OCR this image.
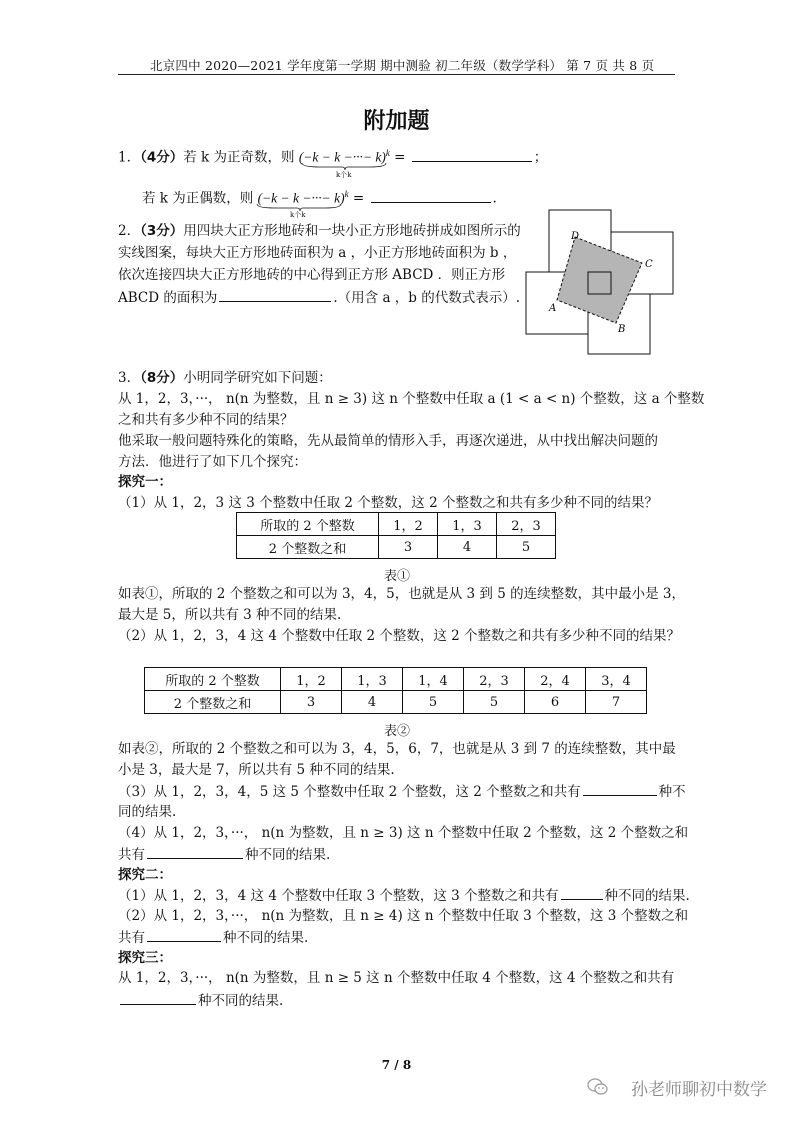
北京四中 2020—2021 学年度第一学期 期中测验 初二年级（数学学科） 第 7 页 共 8 页
附加题
1．（4分）若 k 为正奇数，则 (−k − k −···− k)$^k$ =	；
k个k
若 k 为正偶数，则 (−k − k −···− k)$^k$ =	.
k个k
2．（3分）用四块大正方形地砖和一块小正方形地砖拼成如图所示的
实线图案，每块大正方形地砖面积为 a ，小正方形地砖面积为 b ，
依次连接四块大正方形地砖的中心得到正方形 ABCD ．则正方形
ABCD 的面积为	.（用含 a ，b 的代数式表示）.
D
C
B
A
3．（8分）小明同学研究如下问题：
从 1，2，3，···， n(n 为整数，且 n ≥ 3) 这 n 个整数中任取 a (1 < a < n) 个整数，这 a 个整数
之和共有多少种不同的结果？
他采取一般问题特殊化的策略，先从最简单的情形入手，再逐次递进，从中找出解决问题的
方法．他进行了如下几个探究：
探究一：
（1）从 1，2，3 这 3 个整数中任取 2 个整数，这 2 个整数之和共有多少种不同的结果？
所取的 2 个整数	1，2	1，3	2，3
2 个整数之和	3	4	5
表①
如表①，所取的 2 个整数之和可以为 3，4，5，也就是从 3 到 5 的连续整数，其中最小是 3，
最大是 5，所以共有 3 种不同的结果.
（2）从 1，2，3，4 这 4 个整数中任取 2 个整数，这 2 个整数之和共有多少种不同的结果？
所取的 2 个整数	1，2	1，3	1，4	2，3	2，4	3，4
2 个整数之和	3	4	5	5	6	7
表②
如表②，所取的 2 个整数之和可以为 3，4，5，6，7，也就是从 3 到 7 的连续整数，其中最
小是 3，最大是 7，所以共有 5 种不同的结果.
（3）从 1，2，3，4，5 这 5 个整数中任取 2 个整数，这 2 个整数之和共有	种不
同的结果.
（4）从 1，2，3，···， n(n 为整数，且 n ≥ 3) 这 n 个整数中任取 2 个整数，这 2 个整数之和
共有	种不同的结果.
探究二：
（1）从 1，2，3，4 这 4 个整数中任取 3 个整数，这 3 个整数之和共有	种不同的结果.
（2）从 1，2，3，···， n(n 为整数，且 n ≥ 4) 这 n 个整数中任取 3 个整数，这 3 个整数之和
共有	种不同的结果.
探究三：
从 1，2，3，···， n(n 为整数，且 n ≥ 5 这 n 个整数中任取 4 个整数，这 4 个整数之和共有
种不同的结果.
7 / 8
孙老师聊初中数学
